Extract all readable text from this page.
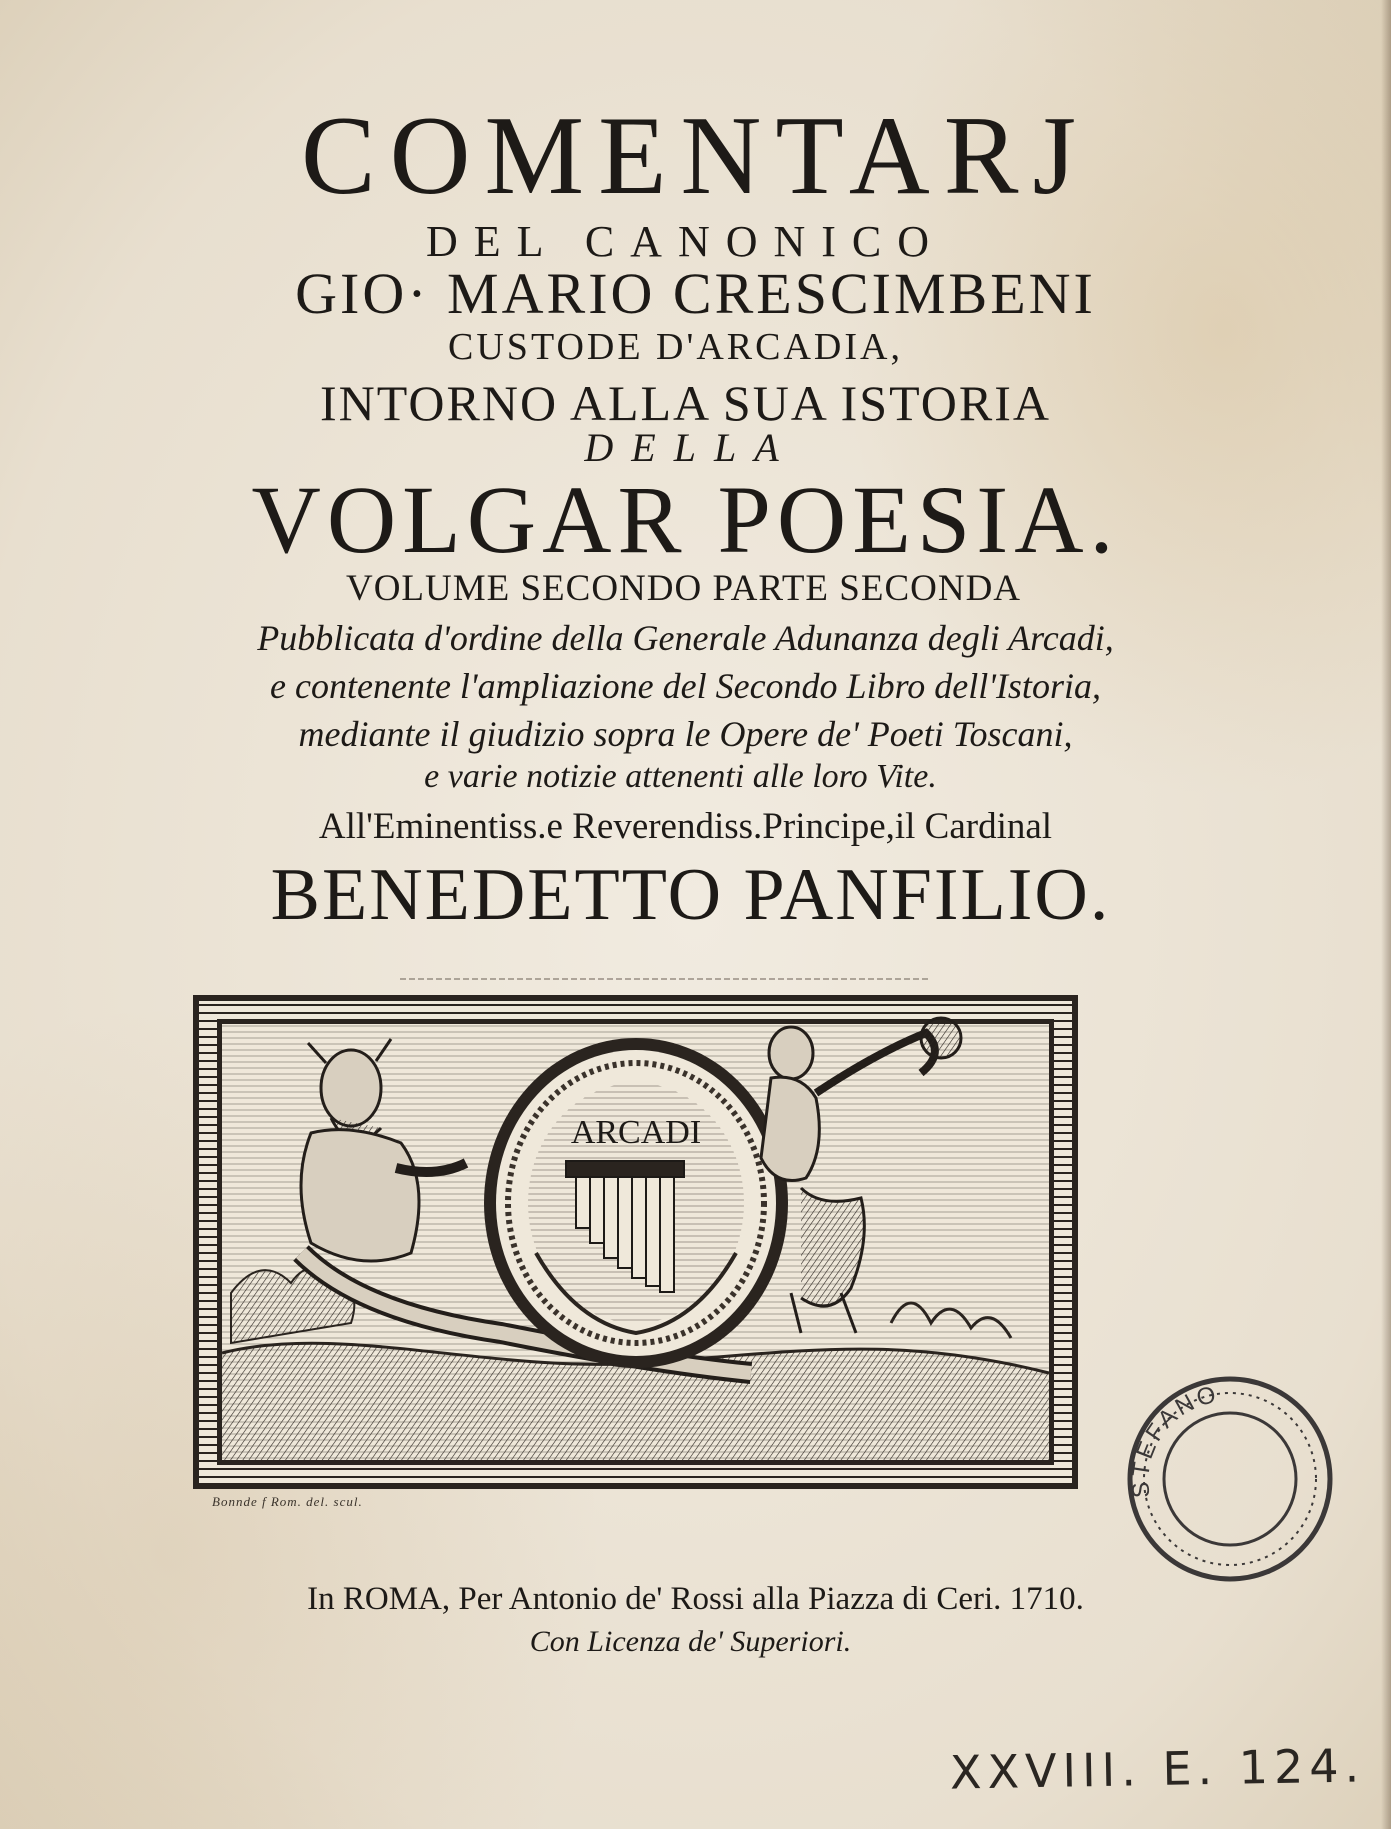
COMENTARJ
DEL CANONICO
GIO· MARIO CRESCIMBENI
CUSTODE D'ARCADIA,
INTORNO ALLA SUA ISTORIA
DELLA
VOLGAR POESIA.
VOLUME SECONDO PARTE SECONDA
Pubblicata d'ordine della Generale Adunanza degli Arcadi,
e contenente l'ampliazione del Secondo Libro dell'Istoria,
mediante il giudizio sopra le Opere de' Poeti Toscani,
e varie notizie attenenti alle loro Vite.
All'Eminentiss.e Reverendiss.Principe,il Cardinal
BENEDETTO PANFILIO.
ARCADI
Bonnde f Rom. del. scul.
STEFANO
In ROMA, Per Antonio de' Rossi alla Piazza di Ceri. 1710.
Con Licenza de' Superiori.
XXVIII. E. 124.
